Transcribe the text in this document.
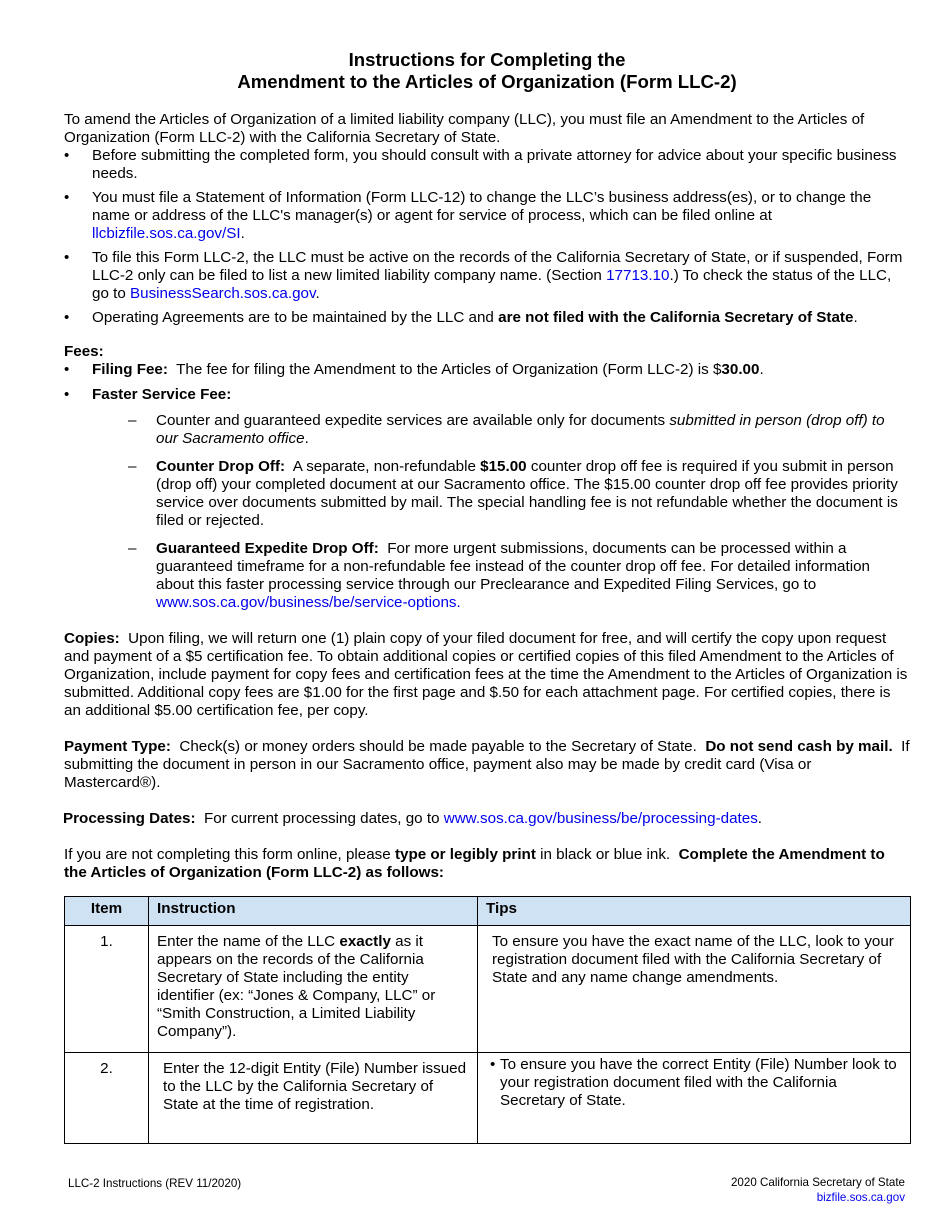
Instructions for Completing the
Amendment to the Articles of Organization (Form LLC-2)

To amend the Articles of Organization of a limited liability company (LLC), you must file an Amendment to the Articles of Organization (Form LLC-2) with the California Secretary of State.

• Before submitting the completed form, you should consult with a private attorney for advice about your specific business needs.
• You must file a Statement of Information (Form LLC-12) to change the LLC’s business address(es), or to change the name or address of the LLC's manager(s) or agent for service of process, which can be filed online at llcbizfile.sos.ca.gov/SI.
• To file this Form LLC-2, the LLC must be active on the records of the California Secretary of State, or if suspended, Form LLC-2 only can be filed to list a new limited liability company name. (Section 17713.10.) To check the status of the LLC, go to BusinessSearch.sos.ca.gov.
• Operating Agreements are to be maintained by the LLC and are not filed with the California Secretary of State.
Fees:
• Filing Fee: The fee for filing the Amendment to the Articles of Organization (Form LLC-2) is $30.00.
• Faster Service Fee:
– Counter and guaranteed expedite services are available only for documents submitted in person (drop off) to our Sacramento office.
– Counter Drop Off: A separate, non-refundable $15.00 counter drop off fee is required if you submit in person (drop off) your completed document at our Sacramento office. The $15.00 counter drop off fee provides priority service over documents submitted by mail. The special handling fee is not refundable whether the document is filed or rejected.
– Guaranteed Expedite Drop Off: For more urgent submissions, documents can be processed within a guaranteed timeframe for a non-refundable fee instead of the counter drop off fee. For detailed information about this faster processing service through our Preclearance and Expedited Filing Services, go to www.sos.ca.gov/business/be/service-options.

Copies: Upon filing, we will return one (1) plain copy of your filed document for free, and will certify the copy upon request and payment of a $5 certification fee. To obtain additional copies or certified copies of this filed Amendment to the Articles of Organization, include payment for copy fees and certification fees at the time the Amendment to the Articles of Organization is submitted. Additional copy fees are $1.00 for the first page and $.50 for each attachment page. For certified copies, there is an additional $5.00 certification fee, per copy.

Payment Type: Check(s) or money orders should be made payable to the Secretary of State. Do not send cash by mail. If submitting the document in person in our Sacramento office, payment also may be made by credit card (Visa or Mastercard®).

Processing Dates: For current processing dates, go to www.sos.ca.gov/business/be/processing-dates.

If you are not completing this form online, please type or legibly print in black or blue ink. Complete the Amendment to the Articles of Organization (Form LLC-2) as follows:

Item	Instruction	Tips
1.	Enter the name of the LLC exactly as it appears on the records of the California Secretary of State including the entity identifier (ex: “Jones & Company, LLC” or “Smith Construction, a Limited Liability Company”).	To ensure you have the exact name of the LLC, look to your registration document filed with the California Secretary of State and any name change amendments.
2.	Enter the 12-digit Entity (File) Number issued to the LLC by the California Secretary of State at the time of registration.	• To ensure you have the correct Entity (File) Number look to your registration document filed with the California Secretary of State.
LLC-2 Instructions (REV 11/2020)	2020 California Secretary of State
bizfile.sos.ca.gov
